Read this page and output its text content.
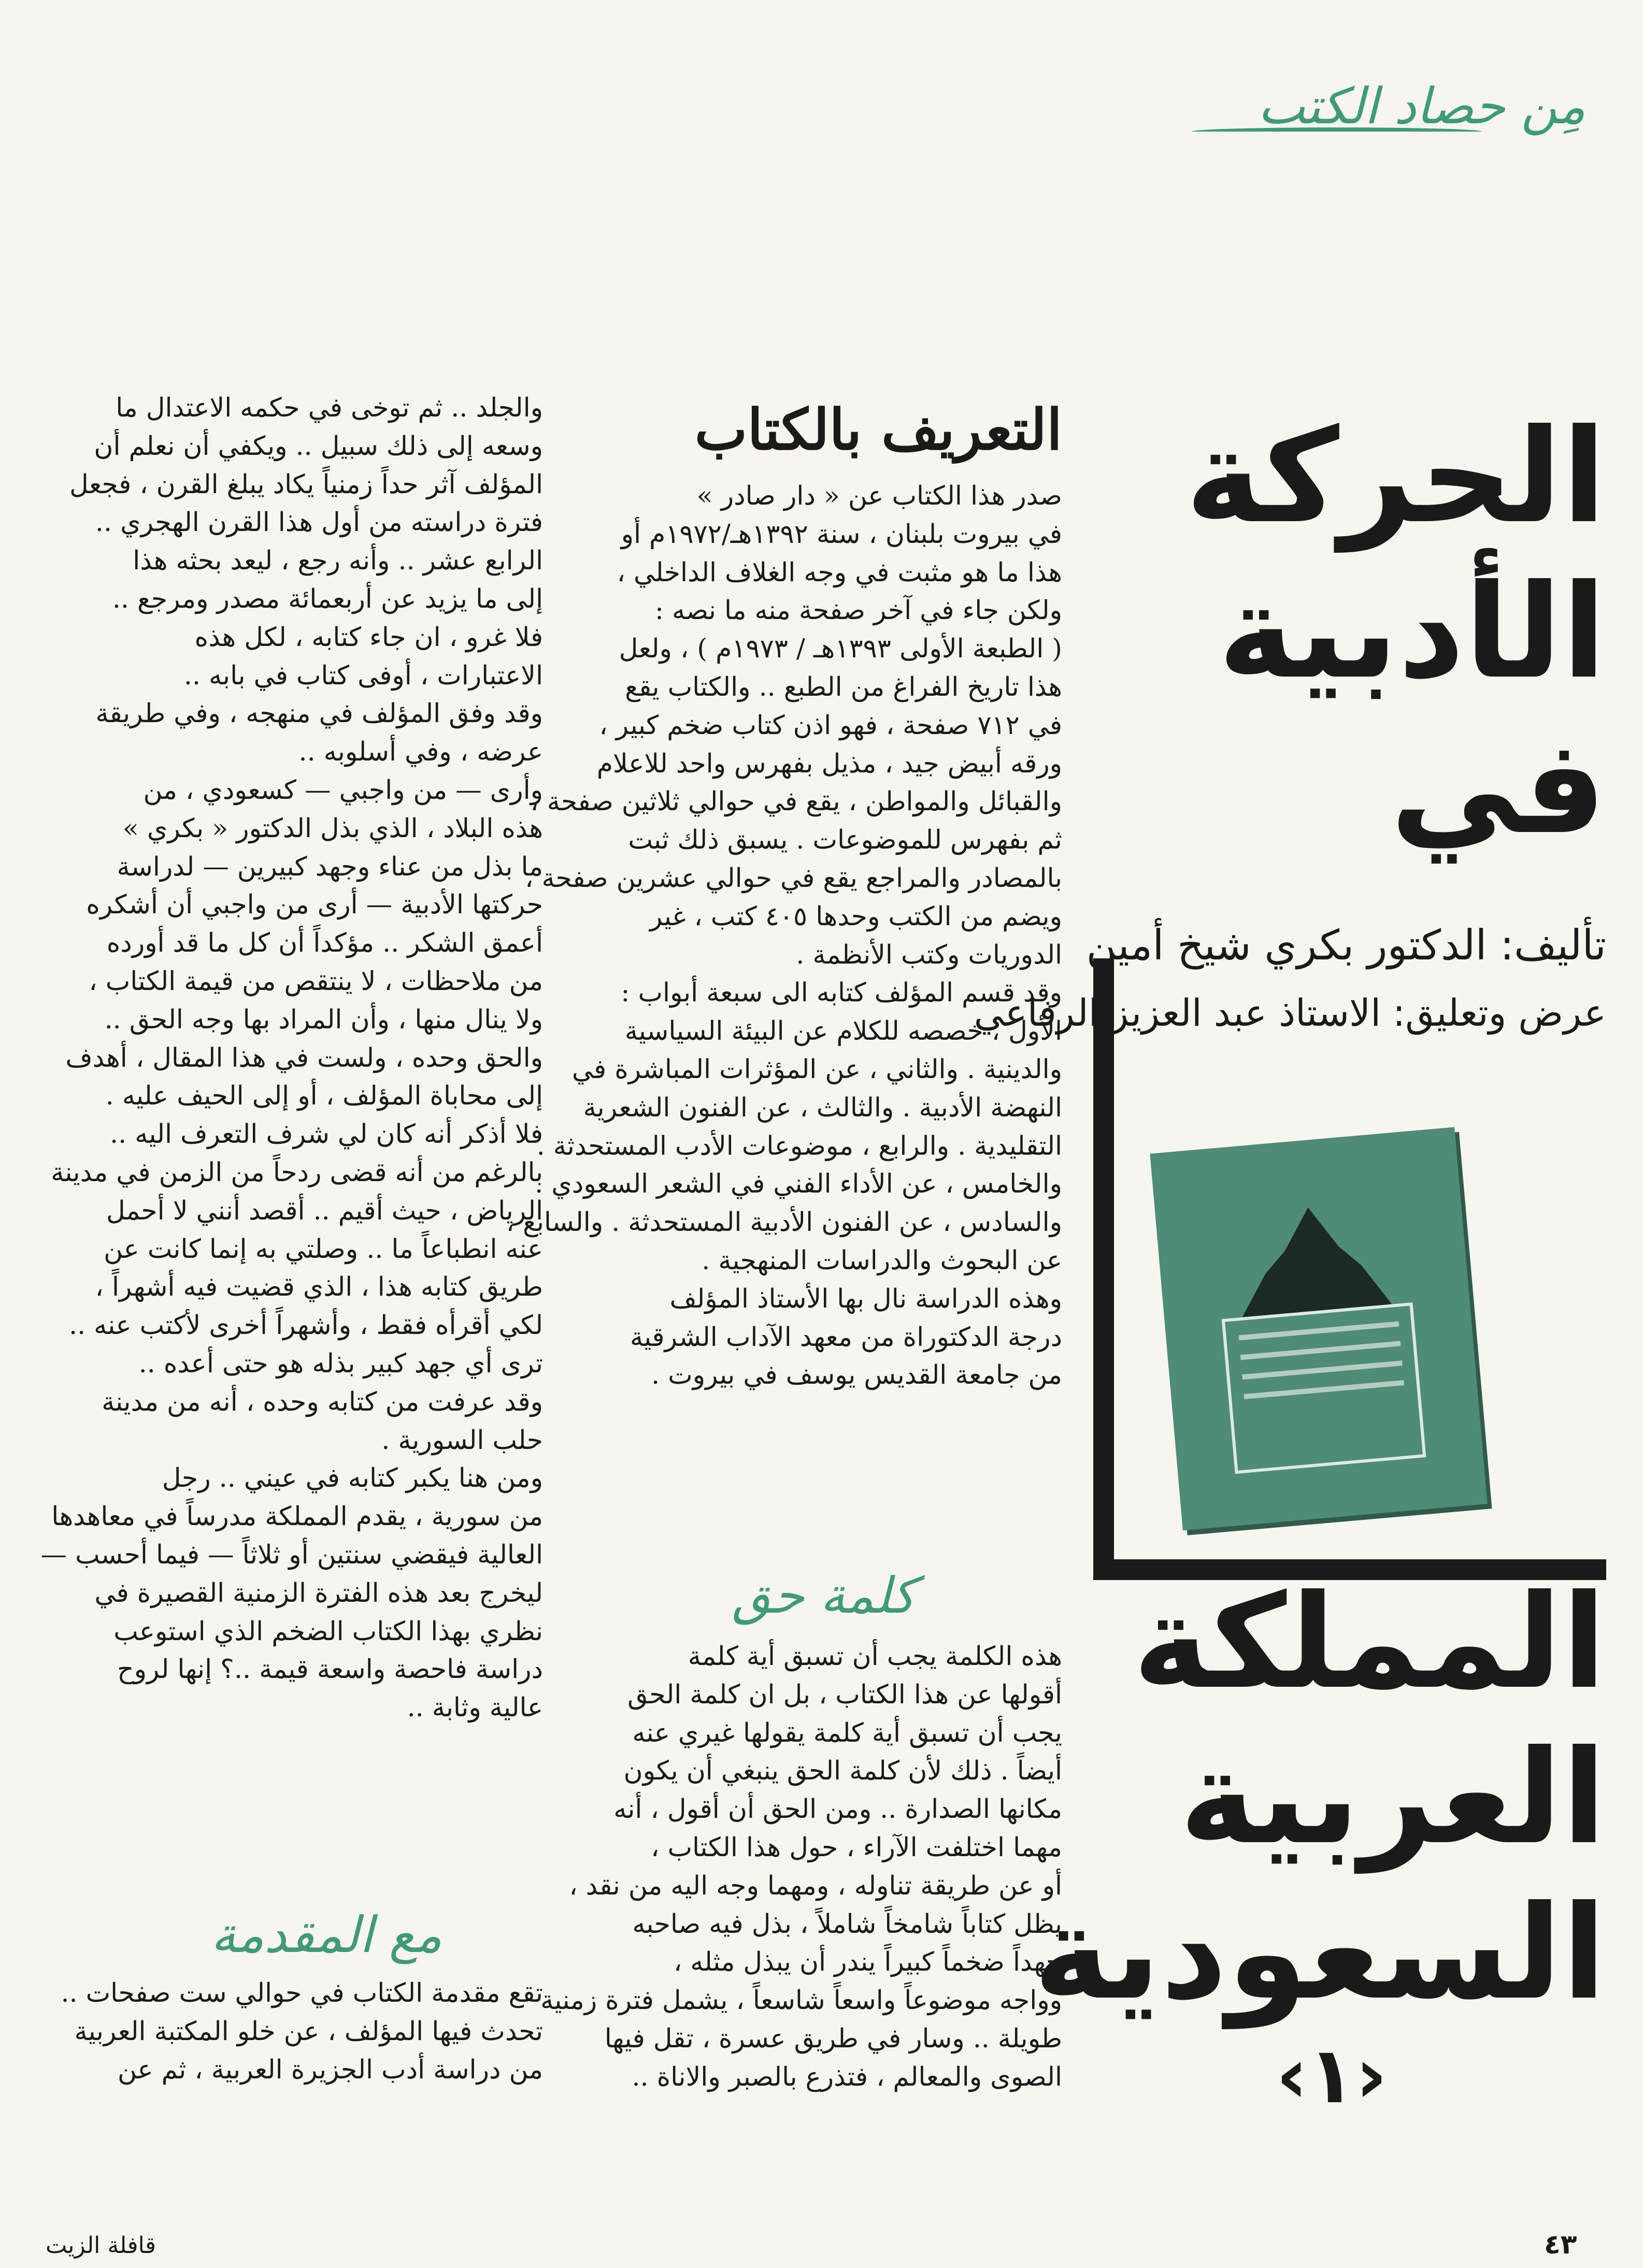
مِن حصاد الكتب
الحركة
الأدبية
في
تأليف: الدكتور بكري شيخ أمين
عرض وتعليق: الاستاذ عبد العزيز الرفاعي
المملكة
العربية
السعودية
‹١›
التعريف بالكتاب
صدر هذا الكتاب عن « دار صادر »
في بيروت بلبنان ، سنة ١٣٩٢هـ/١٩٧٢م أو
هذا ما هو مثبت في وجه الغلاف الداخلي ،
ولكن جاء في آخر صفحة منه ما نصه :
( الطبعة الأولى ١٣٩٣هـ / ١٩٧٣م ) ، ولعل
هذا تاريخ الفراغ من الطبع .. والكتاب يقع
في ٧١٢ صفحة ، فهو اذن كتاب ضخم كبير ،
ورقه أبيض جيد ، مذيل بفهرس واحد للاعلام
والقبائل والمواطن ، يقع في حوالي ثلاثين صفحة ،
ثم بفهرس للموضوعات . يسبق ذلك ثبت
بالمصادر والمراجع يقع في حوالي عشرين صفحة ،
ويضم من الكتب وحدها ٤٠٥ كتب ، غير
الدوريات وكتب الأنظمة .
وقد قسم المؤلف كتابه الى سبعة أبواب :
الأول ، خصصه للكلام عن البيئة السياسية
والدينية . والثاني ، عن المؤثرات المباشرة في
النهضة الأدبية . والثالث ، عن الفنون الشعرية
التقليدية . والرابع ، موضوعات الأدب المستحدثة .
والخامس ، عن الأداء الفني في الشعر السعودي .
والسادس ، عن الفنون الأدبية المستحدثة . والسابع ،
عن البحوث والدراسات المنهجية .
وهذه الدراسة نال بها الأستاذ المؤلف
درجة الدكتوراة من معهد الآداب الشرقية
من جامعة القديس يوسف في بيروت .
كلمة حق
هذه الكلمة يجب أن تسبق أية كلمة
أقولها عن هذا الكتاب ، بل ان كلمة الحق
يجب أن تسبق أية كلمة يقولها غيري عنه
أيضاً . ذلك لأن كلمة الحق ينبغي أن يكون
مكانها الصدارة .. ومن الحق أن أقول ، أنه
مهما اختلفت الآراء ، حول هذا الكتاب ،
أو عن طريقة تناوله ، ومهما وجه اليه من نقد ،
يظل كتاباً شامخاً شاملاً ، بذل فيه صاحبه
جهداً ضخماً كبيراً يندر أن يبذل مثله ،
وواجه موضوعاً واسعاً شاسعاً ، يشمل فترة زمنية
طويلة .. وسار في طريق عسرة ، تقل فيها
الصوى والمعالم ، فتذرع بالصبر والاناة ..
والجلد .. ثم توخى في حكمه الاعتدال ما
وسعه إلى ذلك سبيل .. ويكفي أن نعلم أن
المؤلف آثر حداً زمنياً يكاد يبلغ القرن ، فجعل
فترة دراسته من أول هذا القرن الهجري ..
الرابع عشر .. وأنه رجع ، ليعد بحثه هذا
إلى ما يزيد عن أربعمائة مصدر ومرجع ..
فلا غرو ، ان جاء كتابه ، لكل هذه
الاعتبارات ، أوفى كتاب في بابه ..
وقد وفق المؤلف في منهجه ، وفي طريقة
عرضه ، وفي أسلوبه ..
وأرى — من واجبي — كسعودي ، من
هذه البلاد ، الذي بذل الدكتور « بكري »
ما بذل من عناء وجهد كبيرين — لدراسة
حركتها الأدبية — أرى من واجبي أن أشكره
أعمق الشكر .. مؤكداً أن كل ما قد أورده
من ملاحظات ، لا ينتقص من قيمة الكتاب ،
ولا ينال منها ، وأن المراد بها وجه الحق ..
والحق وحده ، ولست في هذا المقال ، أهدف
إلى محاباة المؤلف ، أو إلى الحيف عليه .
فلا أذكر أنه كان لي شرف التعرف اليه ..
بالرغم من أنه قضى ردحاً من الزمن في مدينة
الرياض ، حيث أقيم .. أقصد أنني لا أحمل
عنه انطباعاً ما .. وصلتي به إنما كانت عن
طريق كتابه هذا ، الذي قضيت فيه أشهراً ،
لكي أقرأه فقط ، وأشهراً أخرى لأكتب عنه ..
ترى أي جهد كبير بذله هو حتى أعده ..
وقد عرفت من كتابه وحده ، أنه من مدينة
حلب السورية .
ومن هنا يكبر كتابه في عيني .. رجل
من سورية ، يقدم المملكة مدرساً في معاهدها
العالية فيقضي سنتين أو ثلاثاً — فيما أحسب —
ليخرج بعد هذه الفترة الزمنية القصيرة في
نظري بهذا الكتاب الضخم الذي استوعب
دراسة فاحصة واسعة قيمة ..؟ إنها لروح
عالية وثابة ..
مع المقدمة
تقع مقدمة الكتاب في حوالي ست صفحات ..
تحدث فيها المؤلف ، عن خلو المكتبة العربية
من دراسة أدب الجزيرة العربية ، ثم عن
قافلة الزيت	٤٣
